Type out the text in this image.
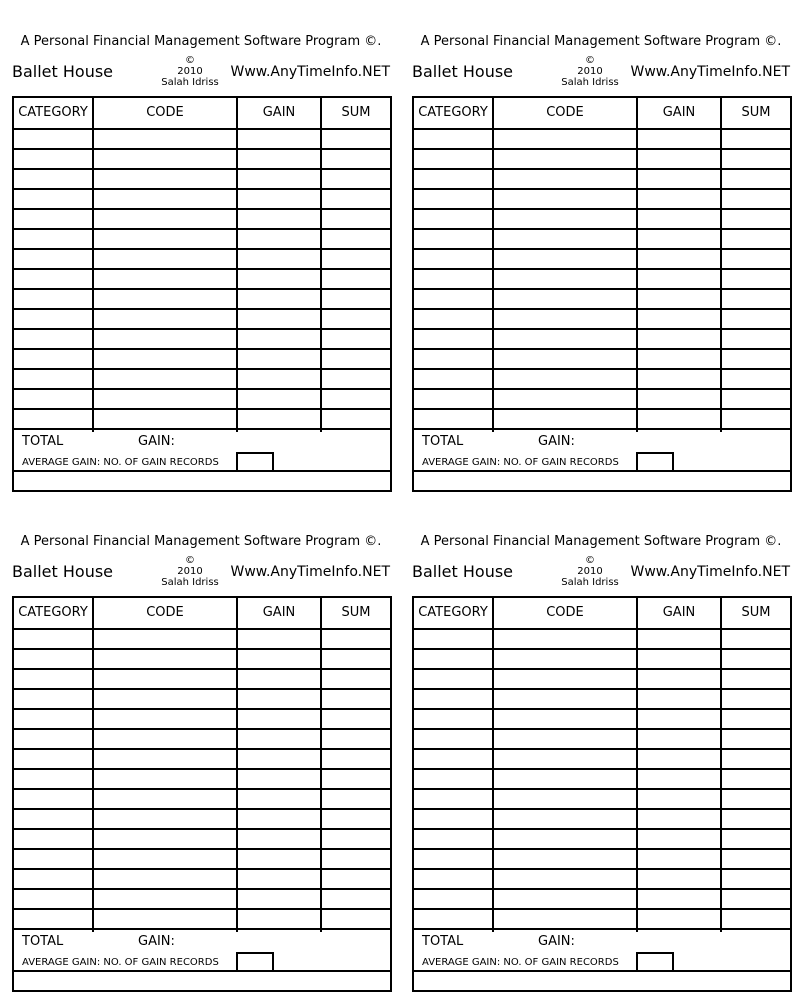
A Personal Financial Management Software Program ©.
Ballet House
©
2010
Salah Idriss
Www.AnyTimeInfo.NET
CATEGORY	CODE	GAIN	SUM
TOTAL	GAIN:
AVERAGE GAIN: NO. OF GAIN RECORDS
A Personal Financial Management Software Program ©.
Ballet House
©
2010
Salah Idriss
Www.AnyTimeInfo.NET
CATEGORY	CODE	GAIN	SUM
TOTAL	GAIN:
AVERAGE GAIN: NO. OF GAIN RECORDS
A Personal Financial Management Software Program ©.
Ballet House
©
2010
Salah Idriss
Www.AnyTimeInfo.NET
CATEGORY	CODE	GAIN	SUM
TOTAL	GAIN:
AVERAGE GAIN: NO. OF GAIN RECORDS
A Personal Financial Management Software Program ©.
Ballet House
©
2010
Salah Idriss
Www.AnyTimeInfo.NET
CATEGORY	CODE	GAIN	SUM
TOTAL	GAIN:
AVERAGE GAIN: NO. OF GAIN RECORDS
